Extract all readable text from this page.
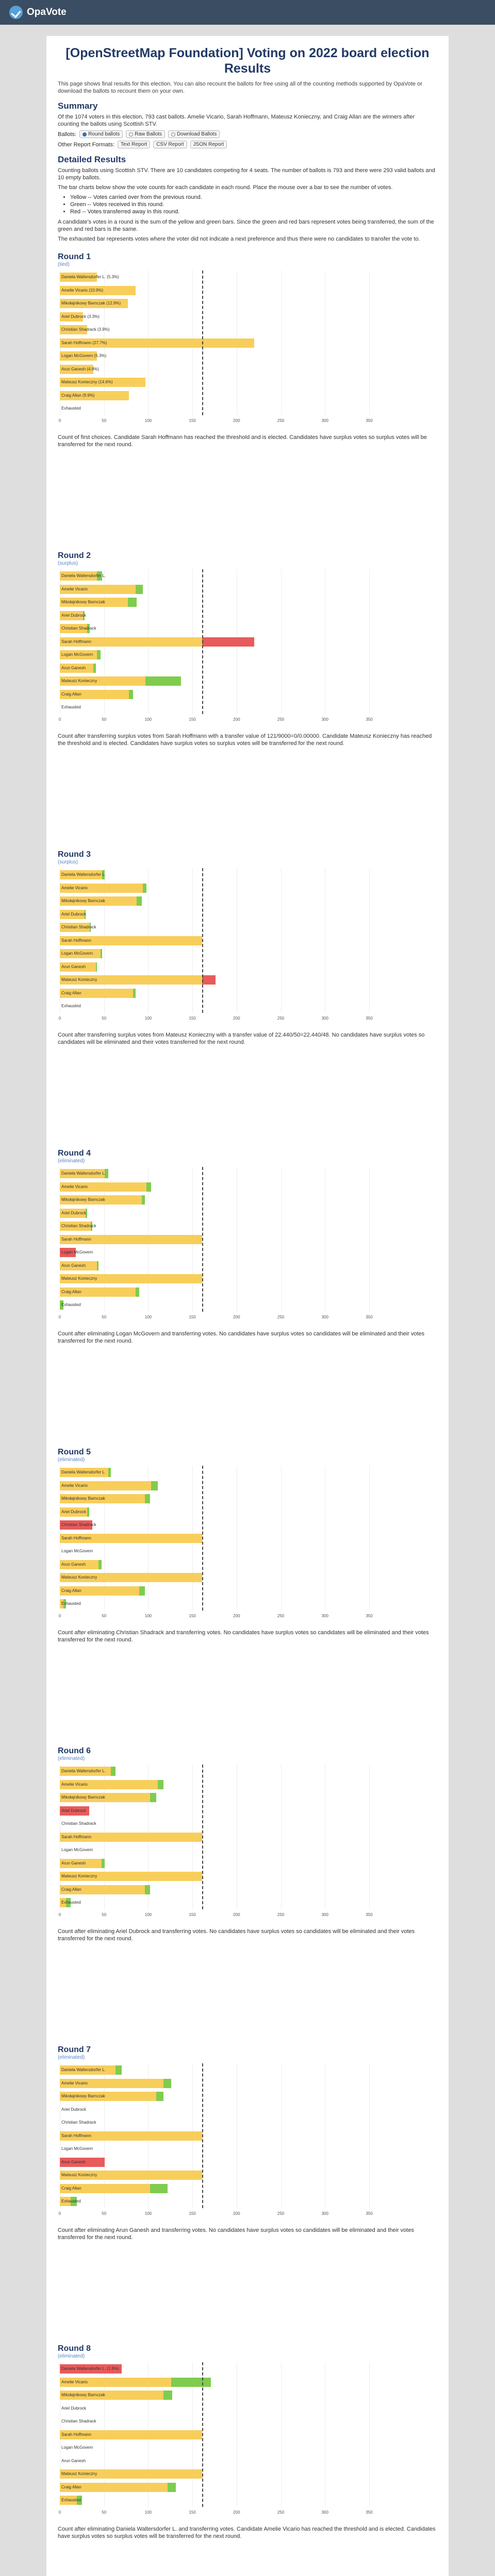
OpaVote
[OpenStreetMap Foundation] Voting on 2022 board election Results

This page shows final results for this election. You can also recount the ballots for free using all of the counting methods supported by OpaVote or download the ballots to recount them on your own.

Summary

Of the 1074 voters in this election, 793 cast ballots. Amelie Vicario, Sarah Hoffmann, Mateusz Konieczny, and Craig Allan are the winners after counting the ballots using Scottish STV.

Ballots: Round ballots	Raw Ballots	Download Ballots
Other Report Formats:	Text Report	CSV Report	JSON Report
Detailed Results

Counting ballots using Scottish STV. There are 10 candidates competing for 4 seats. The number of ballots is 793 and there were 293 valid ballots and 10 empty ballots.

The bar charts below show the vote counts for each candidate in each round. Place the mouse over a bar to see the number of votes.

• Yellow -- Votes carried over from the previous round.
• Green -- Votes received in this round.
• Red -- Votes transferred away in this round.

A candidate's votes in a round is the sum of the yellow and green bars. Since the green and red bars represent votes being transferred, the sum of the green and red bars is the same.

The exhausted bar represents votes where the voter did not indicate a next preference and thus there were no candidates to transfer the vote to.

Round 1
(tied)
0	50	100	150	200	250	300	350
Daniela Waltersdorfer L. (5.3%)
Amelie Vicario (10.9%)
Mikołajnikowy Barnczak (12.9%)
Ariel Dubrock (3.3%)
Christian Shadrack (3.9%)
Sarah Hoffmann (27.7%)
Logan McGovern (5.3%)
Arun Ganesh (4.8%)
Mateusz Konieczny (14.6%)
Craig Allan (9.9%)
Exhausted

Count of first choices. Candidate Sarah Hoffmann has reached the threshold and is elected. Candidates have surplus votes so surplus votes will be transferred for the next round.

Round 2
(surplus)
0	50	100	150	200	250	300	350
Daniela Waltersdorfer L.
Amelie Vicario
Mikołajnikowy Barnczak
Ariel Dubrock
Christian Shadrack
Sarah Hoffmann
Logan McGovern
Arun Ganesh
Mateusz Konieczny
Craig Allan
Exhausted

Count after transferring surplus votes from Sarah Hoffmann with a transfer value of 121/9000=0/0.00000. Candidate Mateusz Konieczny has reached the threshold and is elected. Candidates have surplus votes so surplus votes will be transferred for the next round.

Round 3
(surplus)
0	50	100	150	200	250	300	350
Daniela Waltersdorfer L.
Amelie Vicario
Mikołajnikowy Barnczak
Ariel Dubrock
Christian Shadrack
Sarah Hoffmann
Logan McGovern
Arun Ganesh
Mateusz Konieczny
Craig Allan
Exhausted

Count after transferring surplus votes from Mateusz Konieczny with a transfer value of 22.440/50=22.440/48. No candidates have surplus votes so candidates will be eliminated and their votes transferred for the next round.

Round 4
(eliminated)
0	50	100	150	200	250	300	350
Daniela Waltersdorfer L.
Amelie Vicario
Mikołajnikowy Barnczak
Ariel Dubrock
Christian Shadrack
Sarah Hoffmann
Logan McGovern
Arun Ganesh
Mateusz Konieczny
Craig Allan
Exhausted

Count after eliminating Logan McGovern and transferring votes. No candidates have surplus votes so candidates will be eliminated and their votes transferred for the next round.

Round 5
(eliminated)
0	50	100	150	200	250	300	350
Daniela Waltersdorfer L.
Amelie Vicario
Mikołajnikowy Barnczak
Ariel Dubrock
Christian Shadrack
Sarah Hoffmann
Logan McGovern
Arun Ganesh
Mateusz Konieczny
Craig Allan
Exhausted

Count after eliminating Christian Shadrack and transferring votes. No candidates have surplus votes so candidates will be eliminated and their votes transferred for the next round.

Round 6
(eliminated)
0	50	100	150	200	250	300	350
Daniela Waltersdorfer L.
Amelie Vicario
Mikołajnikowy Barnczak
Ariel Dubrock
Christian Shadrack
Sarah Hoffmann
Logan McGovern
Arun Ganesh
Mateusz Konieczny
Craig Allan
Exhausted

Count after eliminating Ariel Dubrock and transferring votes. No candidates have surplus votes so candidates will be eliminated and their votes transferred for the next round.

Round 7
(eliminated)
0	50	100	150	200	250	300	350
Daniela Waltersdorfer L.
Amelie Vicario
Mikołajnikowy Barnczak
Ariel Dubrock
Christian Shadrack
Sarah Hoffmann
Logan McGovern
Arun Ganesh
Mateusz Konieczny
Craig Allan
Exhausted

Count after eliminating Arun Ganesh and transferring votes. No candidates have surplus votes so candidates will be eliminated and their votes transferred for the next round.

Round 8
(eliminated)
0	50	100	150	200	250	300	350
Daniela Waltersdorfer L. (1.9%)
Amelie Vicario
Mikołajnikowy Barnczak
Ariel Dubrock
Christian Shadrack
Sarah Hoffmann
Logan McGovern
Arun Ganesh
Mateusz Konieczny
Craig Allan
Exhausted

Count after eliminating Daniela Waltersdorfer L. and transferring votes. Candidate Amelie Vicario has reached the threshold and is elected. Candidates have surplus votes so surplus votes will be transferred for the next round.
